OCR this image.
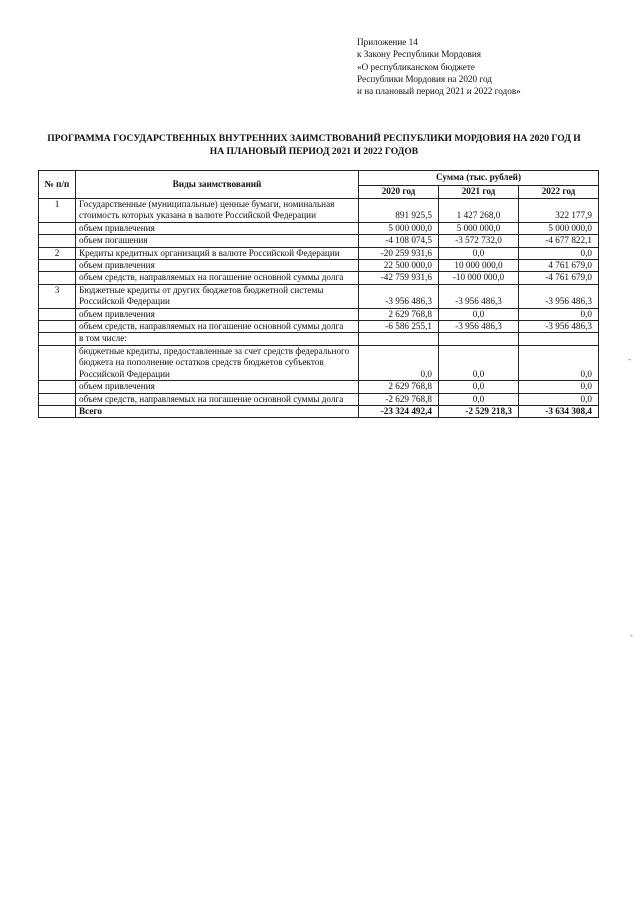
Приложение 14
к Закону Республики Мордовия
«О республиканском бюджете
Республики Мордовия на 2020 год
и на плановый период 2021 и 2022 годов»
ПРОГРАММА ГОСУДАРСТВЕННЫХ ВНУТРЕННИХ ЗАИМСТВОВАНИЙ РЕСПУБЛИКИ МОРДОВИЯ НА 2020 ГОД И
НА ПЛАНОВЫЙ ПЕРИОД 2021 И 2022 ГОДОВ
№ п/п	Виды заимствований	Сумма (тыс. рублей)		
		2020 год	2021 год	2022 год
1	Государственные (муниципальные) ценные бумаги, номинальная стоимость которых указана в валюте Российской Федерации	891 925,5	1 427 268,0	322 177,9
	объем привлечения	5 000 000,0	5 000 000,0	5 000 000,0
	объем погашения	-4 108 074,5	-3 572 732,0	-4 677 822,1
2	Кредиты кредитных организаций в валюте Российской Федерации	-20 259 931,6	0,0	0,0
	объем привлечения	22 500 000,0	10 000 000,0	4 761 679,0
	объем средств, направляемых на погашение основной суммы долга	-42 759 931,6	-10 000 000,0	-4 761 679,0
3	Бюджетные кредиты от других бюджетов бюджетной системы Российской Федерации	-3 956 486,3	-3 956 486,3	-3 956 486,3
	объем привлечения	2 629 768,8	0,0	0,0
	объем средств, направляемых на погашение основной суммы долга	-6 586 255,1	-3 956 486,3	-3 956 486,3
	в том числе:			
	бюджетные кредиты, предоставленные за счет средств федерального бюджета на пополнение остатков средств бюджетов субъектов Российской Федерации	0,0	0,0	0,0
	объем привлечения	2 629 768,8	0,0	0,0
	объем средств, направляемых на погашение основной суммы долга	-2 629 768,8	0,0	0,0
	Всего	-23 324 492,4	-2 529 218,3	-3 634 308,4
-
-
